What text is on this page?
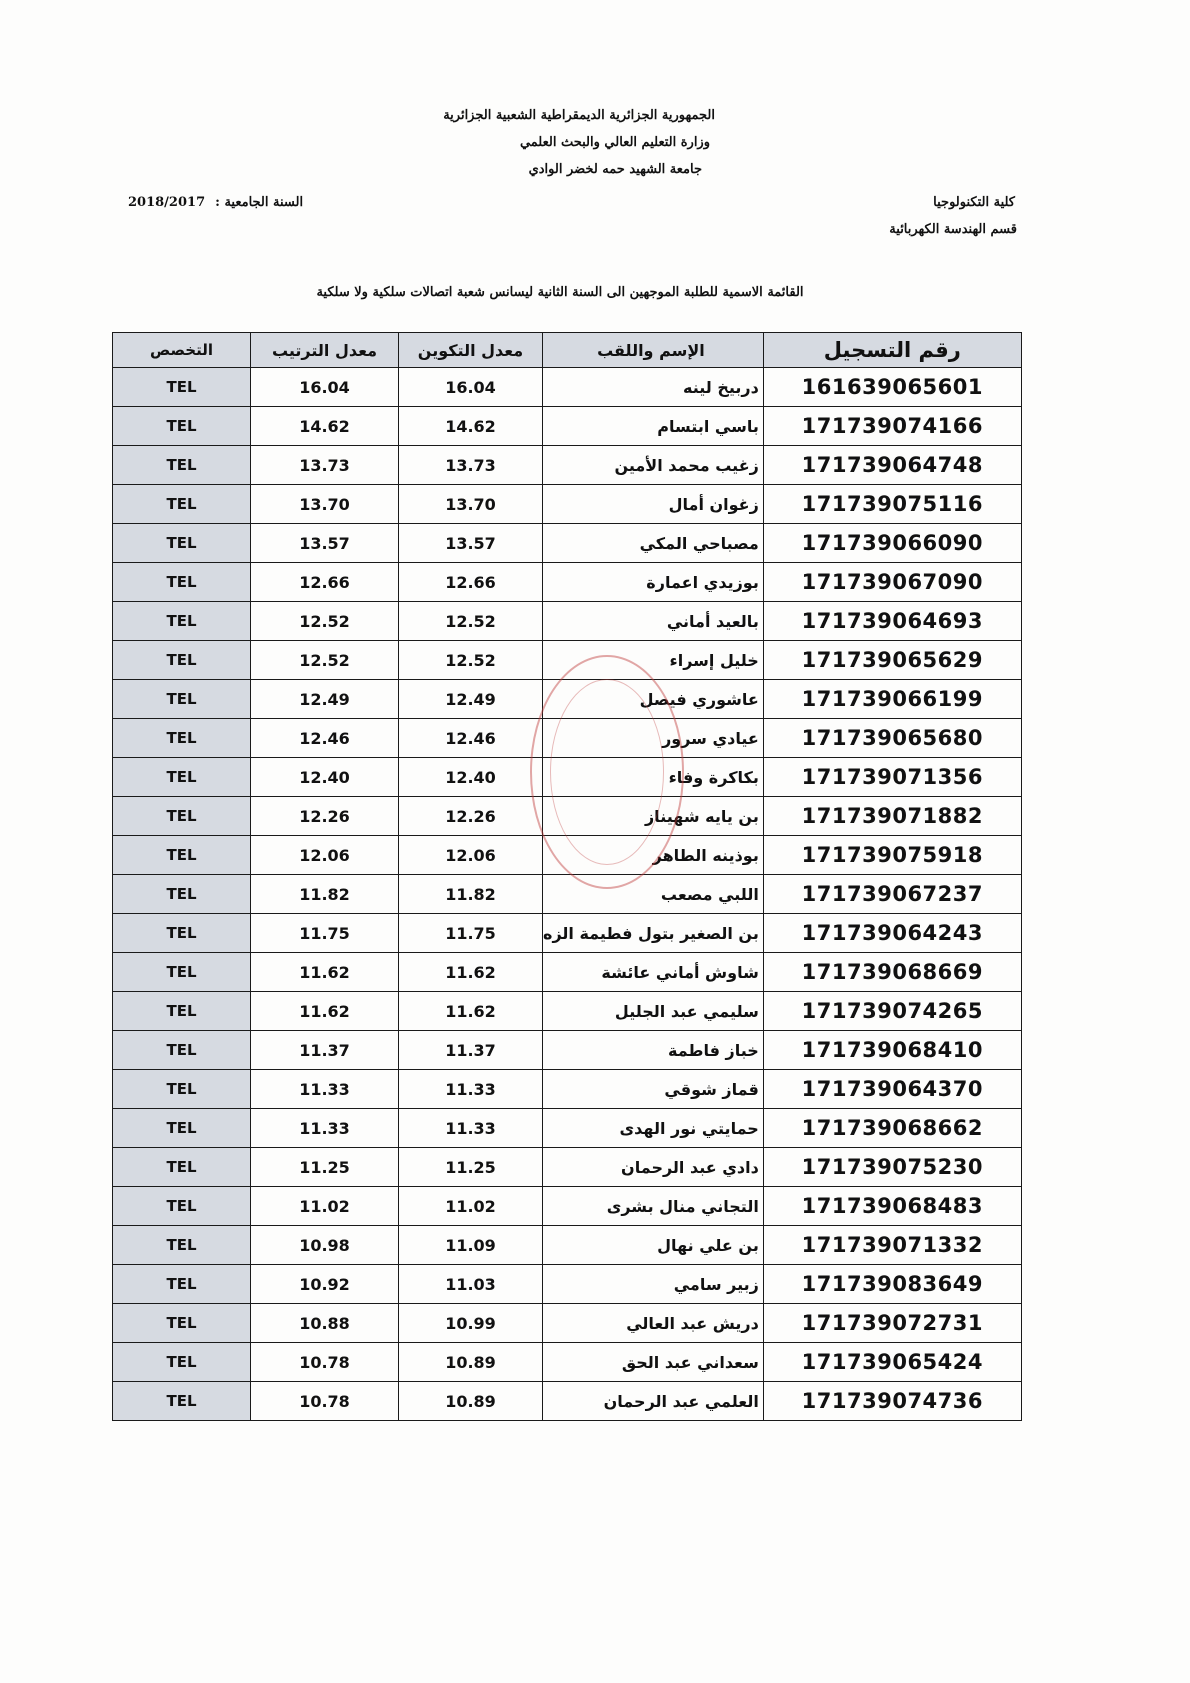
الجمهورية الجزائرية الديمقراطية الشعبية الجزائرية
وزارة التعليم العالي والبحث العلمي
جامعة الشهيد حمه لخضر الوادي
كلية التكنولوجيا
قسم الهندسة الكهربائية
السنة الجامعية :
2018/2017
القائمة الاسمية للطلبة الموجهين الى السنة الثانية ليسانس شعبة اتصالات سلكية ولا سلكية
رقم التسجيل	الإسم واللقب	معدل التكوين	معدل الترتيب	التخصص
161639065601	دربيخ لينه	16.04	16.04	TEL
171739074166	باسي ابتسام	14.62	14.62	TEL
171739064748	زغيب محمد الأمين	13.73	13.73	TEL
171739075116	زغوان أمال	13.70	13.70	TEL
171739066090	مصباحي المكي	13.57	13.57	TEL
171739067090	بوزيدي اعمارة	12.66	12.66	TEL
171739064693	بالعيد أماني	12.52	12.52	TEL
171739065629	خليل إسراء	12.52	12.52	TEL
171739066199	عاشوري فيصل	12.49	12.49	TEL
171739065680	عيادي سرور	12.46	12.46	TEL
171739071356	بكاكرة وفاء	12.40	12.40	TEL
171739071882	بن يايه شهيناز	12.26	12.26	TEL
171739075918	بوذينه الطاهر	12.06	12.06	TEL
171739067237	اللبي مصعب	11.82	11.82	TEL
171739064243	بن الصغير بتول فطيمة الزه	11.75	11.75	TEL
171739068669	شاوش أماني عائشة	11.62	11.62	TEL
171739074265	سليمي عبد الجليل	11.62	11.62	TEL
171739068410	خباز فاطمة	11.37	11.37	TEL
171739064370	قماز شوقي	11.33	11.33	TEL
171739068662	حمايتي نور الهدى	11.33	11.33	TEL
171739075230	دادي عبد الرحمان	11.25	11.25	TEL
171739068483	التجاني منال بشرى	11.02	11.02	TEL
171739071332	بن علي نهال	11.09	10.98	TEL
171739083649	زبير سامي	11.03	10.92	TEL
171739072731	دريش عبد العالي	10.99	10.88	TEL
171739065424	سعداني عبد الحق	10.89	10.78	TEL
171739074736	العلمي عبد الرحمان	10.89	10.78	TEL
